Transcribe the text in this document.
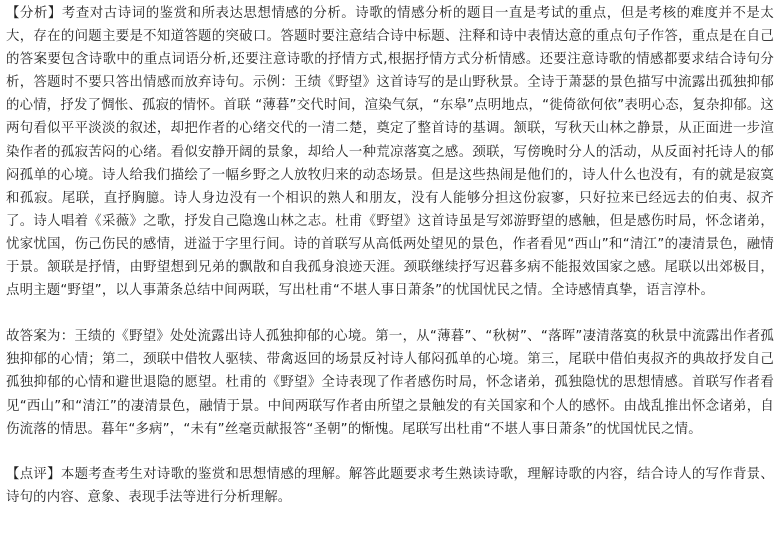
【分析】考查对古诗词的鉴赏和所表达思想情感的分析。诗歌的情感分析的题目一直是考试的重点，但是考核的难度并不是太大，存在的问题主要是不知道答题的突破口。答题时要注意结合诗中标题、注释和诗中表情达意的重点句子作答，重点是在自己的答案要包含诗歌中的重点词语分析,还要注意诗歌的抒情方式,根据抒情方式分析情感。还要注意诗歌的情感都要求结合诗句分析，答题时不要只答出情感而放弃诗句。示例：王绩《野望》这首诗写的是山野秋景。全诗于萧瑟的景色描写中流露出孤独抑郁的心情，抒发了惆怅、孤寂的情怀。首联 “薄暮”交代时间，渲染气氛，“东皋”点明地点，“徙倚欲何依”表明心态，复杂抑郁。这两句看似平平淡淡的叙述，却把作者的心绪交代的一清二楚，奠定了整首诗的基调。颔联，写秋天山林之静景，从正面进一步渲染作者的孤寂苦闷的心绪。看似安静开阔的景象，却给人一种荒凉落寞之感。颈联，写傍晚时分人的活动，从反面衬托诗人的郁闷孤单的心境。诗人给我们描绘了一幅乡野之人放牧归来的动态场景。但是这些热闹是他们的，诗人什么也没有，有的就是寂寞和孤寂。尾联，直抒胸臆。诗人身边没有一个相识的熟人和朋友，没有人能够分担这份寂寥，只好拉来已经远去的伯夷、叔齐了。诗人唱着《采薇》之歌，抒发自己隐逸山林之志。杜甫《野望》这首诗虽是写郊游野望的感触，但是感伤时局，怀念诸弟，忧家忧国，伤己伤民的感情，迸溢于字里行间。诗的首联写从高低两处望见的景色，作者看见“西山”和“清江”的凄清景色，融情于景。颔联是抒情，由野望想到兄弟的飘散和自我孤身浪迹天涯。颈联继续抒写迟暮多病不能报效国家之感。尾联以出郊极目，点明主题“野望”，以人事萧条总结中间两联，写出杜甫“不堪人事日萧条”的忧国忧民之情。全诗感情真挚，语言淳朴。

故答案为：王绩的《野望》处处流露出诗人孤独抑郁的心境。第一，从“薄暮”、“秋树”、“落晖”凄清落寞的秋景中流露出作者孤独抑郁的心情；第二，颈联中借牧人驱犊、带禽返回的场景反衬诗人郁闷孤单的心境。第三，尾联中借伯夷叔齐的典故抒发自己孤独抑郁的心情和避世退隐的愿望。杜甫的《野望》全诗表现了作者感伤时局，怀念诸弟，孤独隐忧的思想情感。首联写作者看见“西山”和“清江”的凄清景色，融情于景。中间两联写作者由所望之景触发的有关国家和个人的感怀。由战乱推出怀念诸弟，自伤流落的情思。暮年“多病”，“未有”丝毫贡献报答“圣朝”的惭愧。尾联写出杜甫“不堪人事日萧条”的忧国忧民之情。

【点评】本题考查考生对诗歌的鉴赏和思想情感的理解。解答此题要求考生熟读诗歌，理解诗歌的内容，结合诗人的写作背景、诗句的内容、意象、表现手法等进行分析理解。
